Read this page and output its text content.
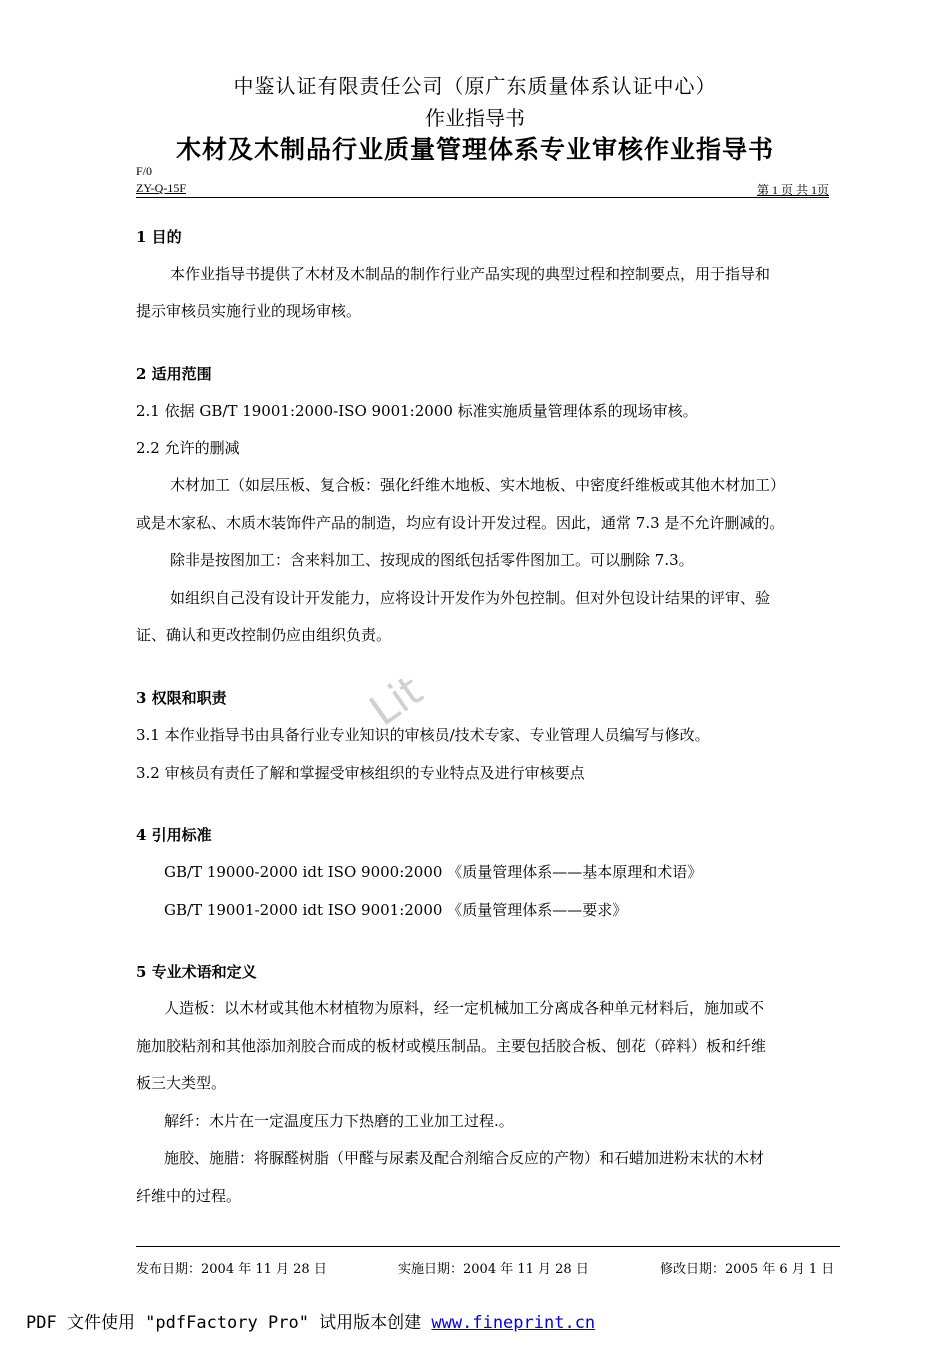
中鉴认证有限责任公司（原广东质量体系认证中心）
作业指导书
木材及木制品行业质量管理体系专业审核作业指导书
F/0
ZY-Q-15F	第 1 页 共 1页
Lit
1 目的
本作业指导书提供了木材及木制品的制作行业产品实现的典型过程和控制要点，用于指导和
提示审核员实施行业的现场审核。
2 适用范围
2.1 依据 GB/T 19001:2000-ISO 9001:2000 标准实施质量管理体系的现场审核。
2.2 允许的删减
木材加工（如层压板、复合板：强化纤维木地板、实木地板、中密度纤维板或其他木材加工）
或是木家私、木质木装饰件产品的制造，均应有设计开发过程。因此，通常 7.3 是不允许删减的。
除非是按图加工：含来料加工、按现成的图纸包括零件图加工。可以删除 7.3。
如组织自己没有设计开发能力，应将设计开发作为外包控制。但对外包设计结果的评审、验
证、确认和更改控制仍应由组织负责。
3 权限和职责
3.1 本作业指导书由具备行业专业知识的审核员/技术专家、专业管理人员编写与修改。
3.2 审核员有责任了解和掌握受审核组织的专业特点及进行审核要点
4 引用标准
GB/T 19000-2000 idt ISO 9000:2000 《质量管理体系——基本原理和术语》
GB/T 19001-2000 idt ISO 9001:2000 《质量管理体系——要求》
5 专业术语和定义
人造板：以木材或其他木材植物为原料，经一定机械加工分离成各种单元材料后，施加或不
施加胶粘剂和其他添加剂胶合而成的板材或模压制品。主要包括胶合板、刨花（碎料）板和纤维
板三大类型。
解纤：木片在一定温度压力下热磨的工业加工过程.。
施胶、施腊：将脲醛树脂（甲醛与尿素及配合剂缩合反应的产物）和石蜡加进粉末状的木材
纤维中的过程。
发布日期：2004 年 11 月 28 日	实施日期：2004 年 11 月 28 日	修改日期：2005 年 6 月 1 日
PDF 文件使用 "pdfFactory Pro" 试用版本创建 www.fineprint.cn
